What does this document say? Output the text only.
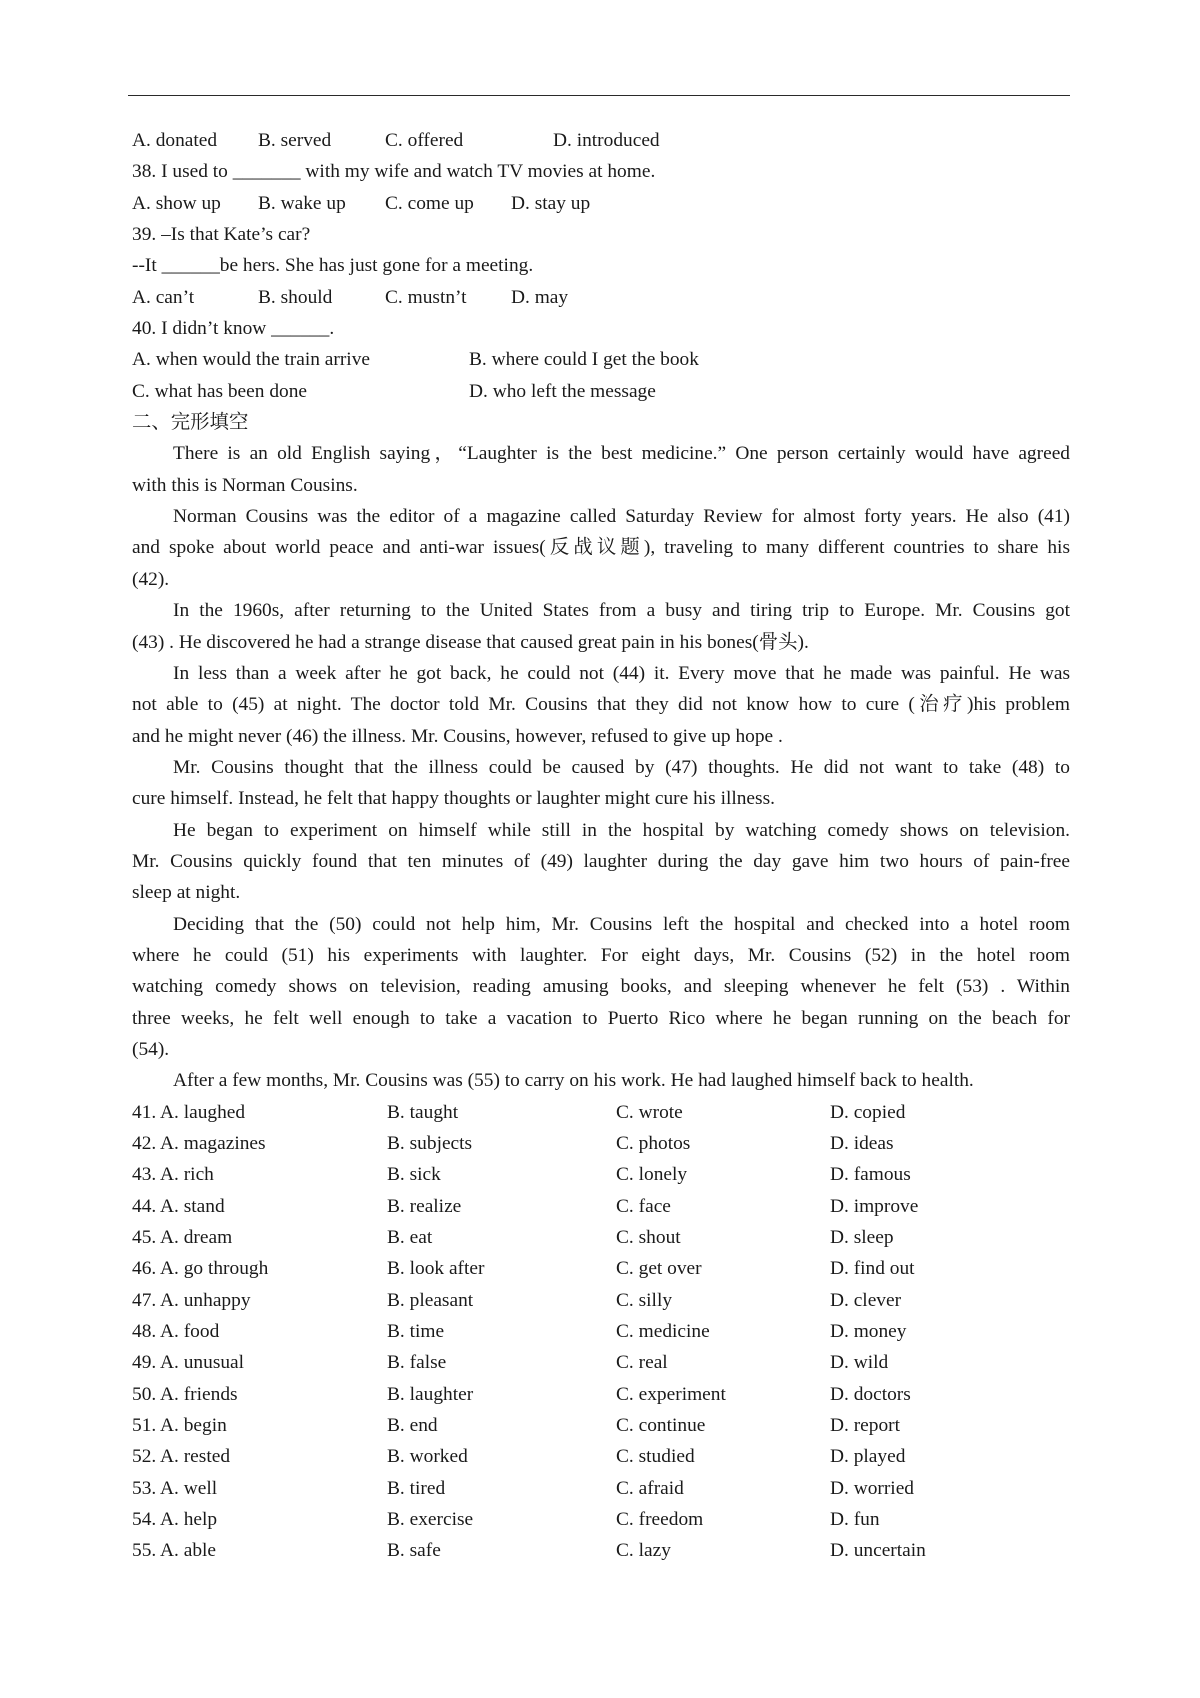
A. donated B. served	C. offered	D. introduced
38. I used to _______ with my wife and watch TV movies at home.
A. show up B. wake up C. come up D. stay up
39. –Is that Kate’s car?
--It ______be hers. She has just gone for a meeting.
A. can’t	B. should	C. mustn’t D. may
40. I didn’t know ______.
A. when would the train arrive	B. where could I get the book
C. what has been done	D. who left the message
二、完形填空
There is an old English saying，“Laughter is the best medicine.” One person certainly would have agreed
with this is Norman Cousins.
Norman Cousins was the editor of a magazine called Saturday Review for almost forty years. He also (41)
and spoke about world peace and anti-war issues(反战议题), traveling to many different countries to share his
(42).
In the 1960s, after returning to the United States from a busy and tiring trip to Europe. Mr. Cousins got
(43) . He discovered he had a strange disease that caused great pain in his bones(骨头).
In less than a week after he got back, he could not (44) it. Every move that he made was painful. He was
not able to (45) at night. The doctor told Mr. Cousins that they did not know how to cure (治疗)his problem
and he might never (46) the illness. Mr. Cousins, however, refused to give up hope .
Mr. Cousins thought that the illness could be caused by (47) thoughts. He did not want to take (48) to
cure himself. Instead, he felt that happy thoughts or laughter might cure his illness.
He began to experiment on himself while still in the hospital by watching comedy shows on television.
Mr. Cousins quickly found that ten minutes of (49) laughter during the day gave him two hours of pain-free
sleep at night.
Deciding that the (50) could not help him, Mr. Cousins left the hospital and checked into a hotel room
where he could (51) his experiments with laughter. For eight days, Mr. Cousins (52) in the hotel room
watching comedy shows on television, reading amusing books, and sleeping whenever he felt (53) . Within
three weeks, he felt well enough to take a vacation to Puerto Rico where he began running on the beach for
(54).
After a few months, Mr. Cousins was (55) to carry on his work. He had laughed himself back to health.
41. A. laughed	B. taught	C. wrote	D. copied
42. A. magazines	B. subjects	C. photos	D. ideas
43. A. rich	B. sick	C. lonely	D. famous
44. A. stand	B. realize	C. face	D. improve
45. A. dream	B. eat	C. shout	D. sleep
46. A. go through	B. look after	C. get over	D. find out
47. A. unhappy	B. pleasant	C. silly	D. clever
48. A. food	B. time	C. medicine	D. money
49. A. unusual	B. false	C. real	D. wild
50. A. friends	B. laughter	C. experiment	D. doctors
51. A. begin	B. end	C. continue	D. report
52. A. rested	B. worked	C. studied	D. played
53. A. well	B. tired	C. afraid	D. worried
54. A. help	B. exercise	C. freedom	D. fun
55. A. able	B. safe	C. lazy	D. uncertain
